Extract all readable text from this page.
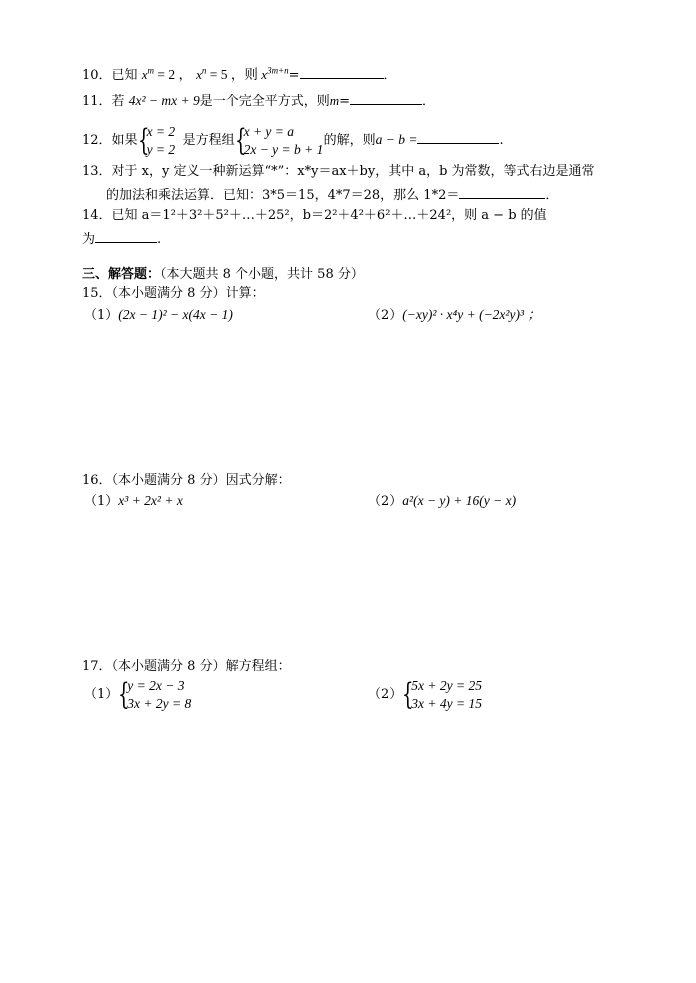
10．已知 $x^m = 2$ ， $x^n = 5$ ，则 $x^{3m+n}=$	．
11．若 4x² − mx + 9是一个完全平方式，则m=	．
12．如果 {
x = 2
y = 2
是方程组 {
x + y = a
2x − y = b + 1
的解，则a − b =	.
13．对于 x，y 定义一种新运算“*”：x*y＝ax＋by，其中 a，b 为常数，等式右边是通常
的加法和乘法运算．已知：3*5＝15，4*7＝28，那么 1*2＝	．
14．已知 a＝1²＋3²＋5²＋…＋25²，b＝2²＋4²＋6²＋…＋24²，则 a − b 的值
为	.
三、解答题：（本大题共 8 个小题，共计 58 分）
15．（本小题满分 8 分）计算：
（1）(2x − 1)² − x(4x − 1)	（2）(−xy)² · x⁴y + (−2x²y)³ ；
16．（本小题满分 8 分）因式分解：
（1）x³ + 2x² + x	（2）a²(x − y) + 16(y − x)
17．（本小题满分 8 分）解方程组：
（1） {
y = 2x − 3
3x + 2y = 8
（2） {
5x + 2y = 25
3x + 4y = 15
